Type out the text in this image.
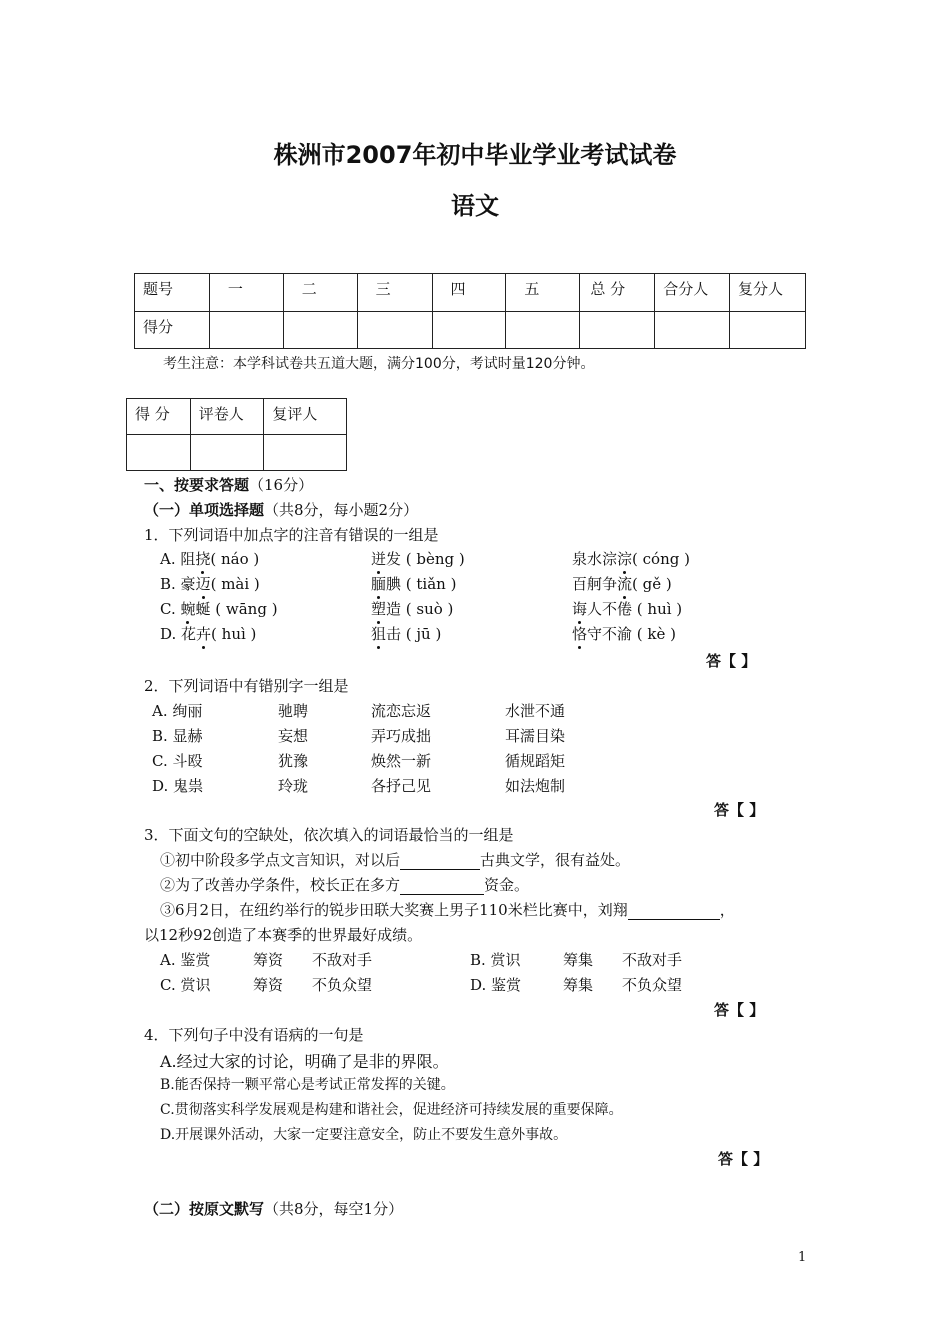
株洲市2007年初中毕业学业考试试卷
语文
题号	一	二	三	四	五	总 分	合分人	复分人
得分								
考生注意：本学科试卷共五道大题，满分100分，考试时量120分钟。
得 分	评卷人	复评人

一、按要求答题（16分）
（一）单项选择题（共8分，每小题2分）
1．下列词语中加点字的注音有错误的一组是
A. 阻挠( náo )	迸发 ( bèng )	泉水淙淙( cóng )
B. 豪迈( mài )	腼腆 ( tiǎn )	百舸争流( gě )
C. 蜿蜒 ( wāng )	塑造 ( suò )	诲人不倦 ( huì )
D. 花卉( huì )	狙击 ( jū )	恪守不渝 ( kè )
答【 】
2．下列词语中有错别字一组是
A. 绚丽	驰聘	流恋忘返	水泄不通
B. 显赫	妄想	弄巧成拙	耳濡目染
C. 斗殴	犹豫	焕然一新	循规蹈矩
D. 鬼祟	玲珑	各抒己见	如法炮制
答【 】
3．下面文句的空缺处，依次填入的词语最恰当的一组是
①初中阶段多学点文言知识，对以后	古典文学，很有益处。
②为了改善办学条件，校长正在多方	资金。
③6月2日，在纽约举行的锐步田联大奖赛上男子110米栏比赛中，刘翔	，
以12秒92创造了本赛季的世界最好成绩。
A. 鉴赏	筹资 不敌对手	B. 赏识	筹集 不敌对手
C. 赏识	筹资 不负众望	D. 鉴赏	筹集 不负众望
答【 】
4．下列句子中没有语病的一句是
A.经过大家的讨论，明确了是非的界限。
B.能否保持一颗平常心是考试正常发挥的关键。
C.贯彻落实科学发展观是构建和谐社会，促进经济可持续发展的重要保障。
D.开展课外活动，大家一定要注意安全，防止不要发生意外事故。
答【 】
（二）按原文默写（共8分，每空1分）
1
